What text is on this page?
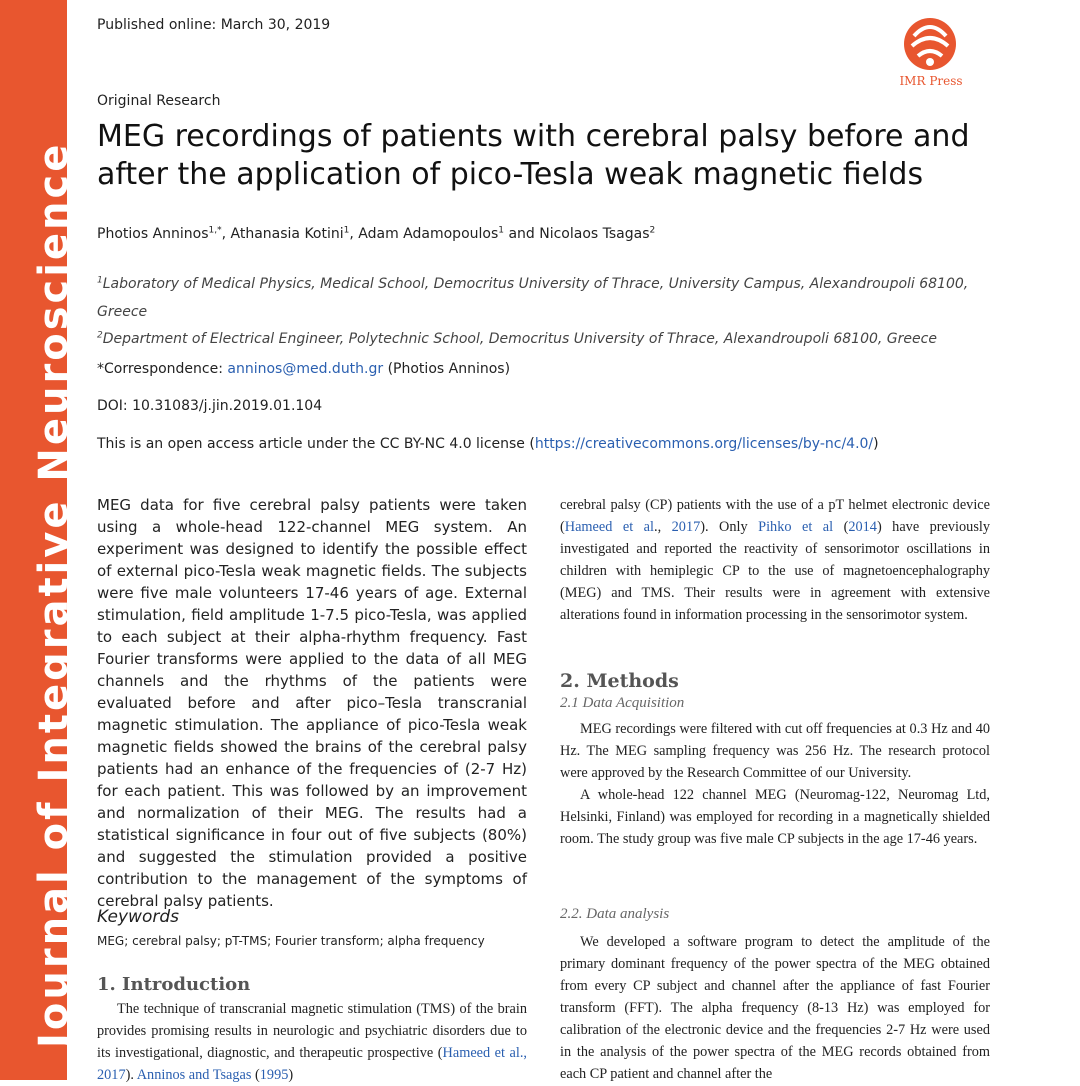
Journal of Integrative Neuroscience
Published online: March 30, 2019
IMR Press
Original Research
MEG recordings of patients with cerebral palsy before and after the application of pico-Tesla weak magnetic fields
Photios Anninos$^{1,*}$, Athanasia Kotini$^1$, Adam Adamopoulos$^1$ and Nicolaos Tsagas$^2$
$^1$Laboratory of Medical Physics, Medical School, Democritus University of Thrace, University Campus, Alexandroupoli 68100, Greece
$^2$Department of Electrical Engineer, Polytechnic School, Democritus University of Thrace, Alexandroupoli 68100, Greece
*Correspondence: anninos@med.duth.gr (Photios Anninos)
DOI: 10.31083/j.jin.2019.01.104
This is an open access article under the CC BY-NC 4.0 license (https://creativecommons.org/licenses/by-nc/4.0/)
MEG data for five cerebral palsy patients were taken using a whole-head 122-channel MEG system. An experiment was designed to identify the possible effect of external pico-Tesla weak magnetic fields. The subjects were five male volunteers 17-46 years of age. External stimulation, field amplitude 1-7.5 pico-Tesla, was applied to each subject at their alpha-rhythm frequency. Fast Fourier transforms were applied to the data of all MEG channels and the rhythms of the patients were evaluated before and after pico–Tesla transcranial magnetic stimulation. The appliance of pico-Tesla weak magnetic fields showed the brains of the cerebral palsy patients had an enhance of the frequencies of (2-7 Hz) for each patient. This was followed by an improvement and normalization of their MEG. The results had a statistical significance in four out of five subjects (80%) and suggested the stimulation provided a positive contribution to the management of the symptoms of cerebral palsy patients.
Keywords
MEG; cerebral palsy; pT-TMS; Fourier transform; alpha frequency
1. Introduction
The technique of transcranial magnetic stimulation (TMS) of the brain provides promising results in neurologic and psychiatric disorders due to its investigational, diagnostic, and therapeutic prospective (Hameed et al., 2017). Anninos and Tsagas (1995)
cerebral palsy (CP) patients with the use of a pT helmet electronic device (Hameed et al., 2017). Only Pihko et al (2014) have previously investigated and reported the reactivity of sensorimotor oscillations in children with hemiplegic CP to the use of magnetoencephalography (MEG) and TMS. Their results were in agreement with extensive alterations found in information processing in the sensorimotor system.
2. Methods
2.1 Data Acquisition

MEG recordings were filtered with cut off frequencies at 0.3 Hz and 40 Hz. The MEG sampling frequency was 256 Hz. The research protocol were approved by the Research Committee of our University.

A whole-head 122 channel MEG (Neuromag-122, Neuromag Ltd, Helsinki, Finland) was employed for recording in a magnetically shielded room. The study group was five male CP subjects in the age 17-46 years.

2.2. Data analysis
We developed a software program to detect the amplitude of the primary dominant frequency of the power spectra of the MEG obtained from every CP subject and channel after the appliance of fast Fourier transform (FFT). The alpha frequency (8-13 Hz) was employed for calibration of the electronic device and the frequencies 2-7 Hz were used in the analysis of the power spectra of the MEG records obtained from each CP patient and channel after the
